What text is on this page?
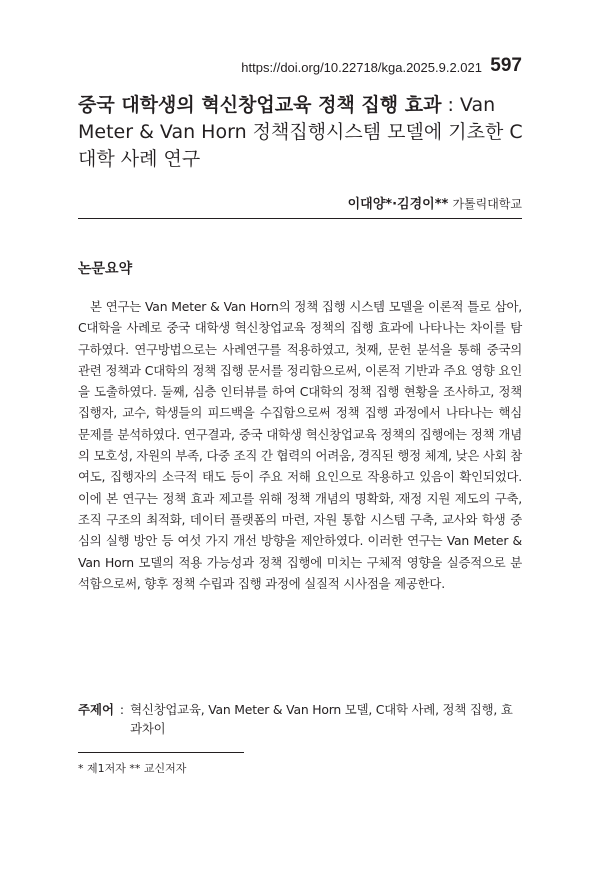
https://doi.org/10.22718/kga.2025.9.2.021 597
중국 대학생의 혁신창업교육 정책 집행 효과 : Van Meter & Van Horn 정책집행시스템 모델에 기초한 C대학 사례 연구
이대양*·김경이** 가톨릭대학교
논문요약

본 연구는 Van Meter & Van Horn의 정책 집행 시스템 모델을 이론적 틀로 삼아, C대학을 사례로 중국 대학생 혁신창업교육 정책의 집행 효과에 나타나는 차이를 탐구하였다. 연구방법으로는 사례연구를 적용하였고, 첫째, 문헌 분석을 통해 중국의 관련 정책과 C대학의 정책 집행 문서를 정리함으로써, 이론적 기반과 주요 영향 요인을 도출하였다. 둘째, 심층 인터뷰를 하여 C대학의 정책 집행 현황을 조사하고, 정책 집행자, 교수, 학생들의 피드백을 수집함으로써 정책 집행 과정에서 나타나는 핵심 문제를 분석하였다. 연구결과, 중국 대학생 혁신창업교육 정책의 집행에는 정책 개념의 모호성, 자원의 부족, 다중 조직 간 협력의 어려움, 경직된 행정 체계, 낮은 사회 참여도, 집행자의 소극적 태도 등이 주요 저해 요인으로 작용하고 있음이 확인되었다. 이에 본 연구는 정책 효과 제고를 위해 정책 개념의 명확화, 재정 지원 제도의 구축, 조직 구조의 최적화, 데이터 플랫폼의 마련, 자원 통합 시스템 구축, 교사와 학생 중심의 실행 방안 등 여섯 가지 개선 방향을 제안하였다. 이러한 연구는 Van Meter & Van Horn 모델의 적용 가능성과 정책 집행에 미치는 구체적 영향을 실증적으로 분석함으로써, 향후 정책 수립과 집행 과정에 실질적 시사점을 제공한다.

주제어 : 혁신창업교육, Van Meter & Van Horn 모델, C대학 사례, 정책 집행, 효과차이
* 제1저자 ** 교신저자
